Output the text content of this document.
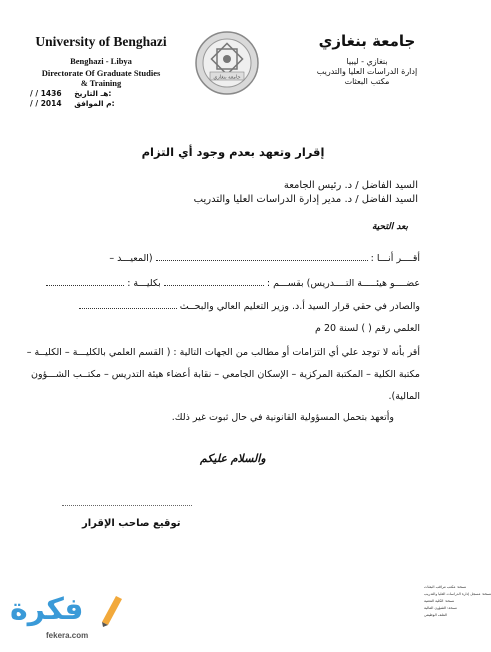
University of Benghazi
Benghazi - Libya
Directorate Of Graduate Studies
& Training
/ / 1436 هـ التاريخ:
/ / 2014 م الموافق:
جامعة بنغازي
جامعة بنغازي
بنغازي - ليبيا
إدارة الدراسات العليا والتدريب
مكتب البعثات
إقرار وتعهد بعدم وجود أي التزام
السيد الفاضل / د. رئيس الجامعة
السيد الفاضل / د. مدير إدارة الدراسات العليا والتدريب
بعد التحية
أقــــر أنـــا :  (المعيـــد –
عضــــو هيئـــــة التــــدريس) بقســـم :  بكليـــة :
والصادر في حقي قرار السيد أ.د. وزير التعليم العالي والبحــث
العلمي رقم ( ) لسنة 20 م
أقر بأنه لا توجد علي أي التزامات أو مطالب من الجهات التالية : ( القسم العلمي بالكليـــة – الكليــة –
مكتبة الكلية – المكتبة المركزية – الإسكان الجامعي – نقابة أعضاء هيئة التدريس – مكتــب الشـــؤون
المالية).
وأتعهد بتحمل المسؤولية القانونية في حال ثبوت غير ذلك.
والسلام عليكم
توقيع صاحب الإقرار
نسخة: مكتب مراقب البعثات
نسخة: مسجل إدارة الدراسات العليا والتدريب
نسخة: الكلية المعنية
نسخة: الشؤون المالية
الملف الوظيفي
فكرة
fekera.com
